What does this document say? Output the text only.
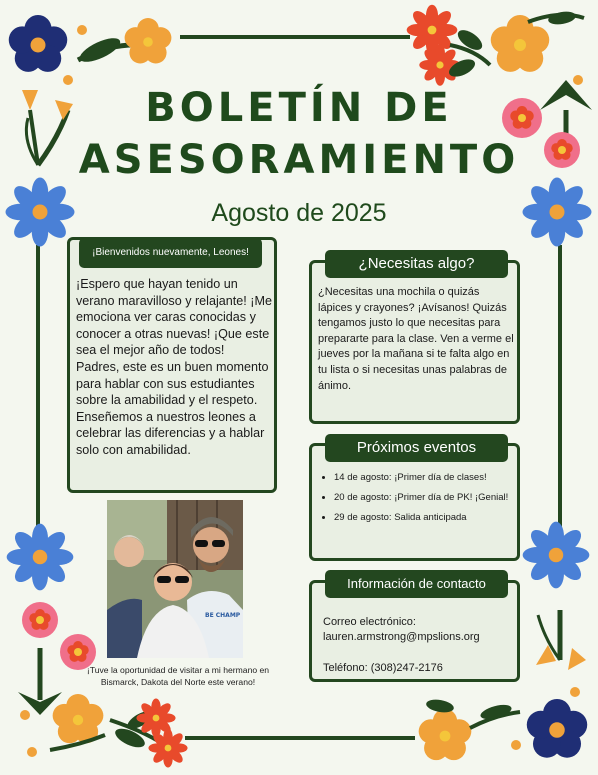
BOLETÍN DE
ASESORAMIENTO
Agosto de 2025
¡Bienvenidos nuevamente, Leones!
¡Espero que hayan tenido un verano maravilloso y relajante! ¡Me emociona ver caras conocidas y conocer a otras nuevas! ¡Que este sea el mejor año de todos!
Padres, este es un buen momento para hablar con sus estudiantes sobre la amabilidad y el respeto. Enseñemos a nuestros leones a celebrar las diferencias y a hablar solo con amabilidad.
BE CHAMP
¡Tuve la oportunidad de visitar a mi hermano en Bismarck, Dakota del Norte este verano!
¿Necesitas algo?
¿Necesitas una mochila o quizás lápices y crayones? ¡Avísanos! Quizás tengamos justo lo que necesitas para prepararte para la clase. Ven a verme el jueves por la mañana si te falta algo en tu lista o si necesitas unas palabras de ánimo.
Próximos eventos
• 14 de agosto: ¡Primer día de clases!
• 20 de agosto: ¡Primer día de PK! ¡Genial!
• 29 de agosto: Salida anticipada
Información de contacto
Correo electrónico:
lauren.armstrong@mpslions.org
Teléfono: (308)247-2176
